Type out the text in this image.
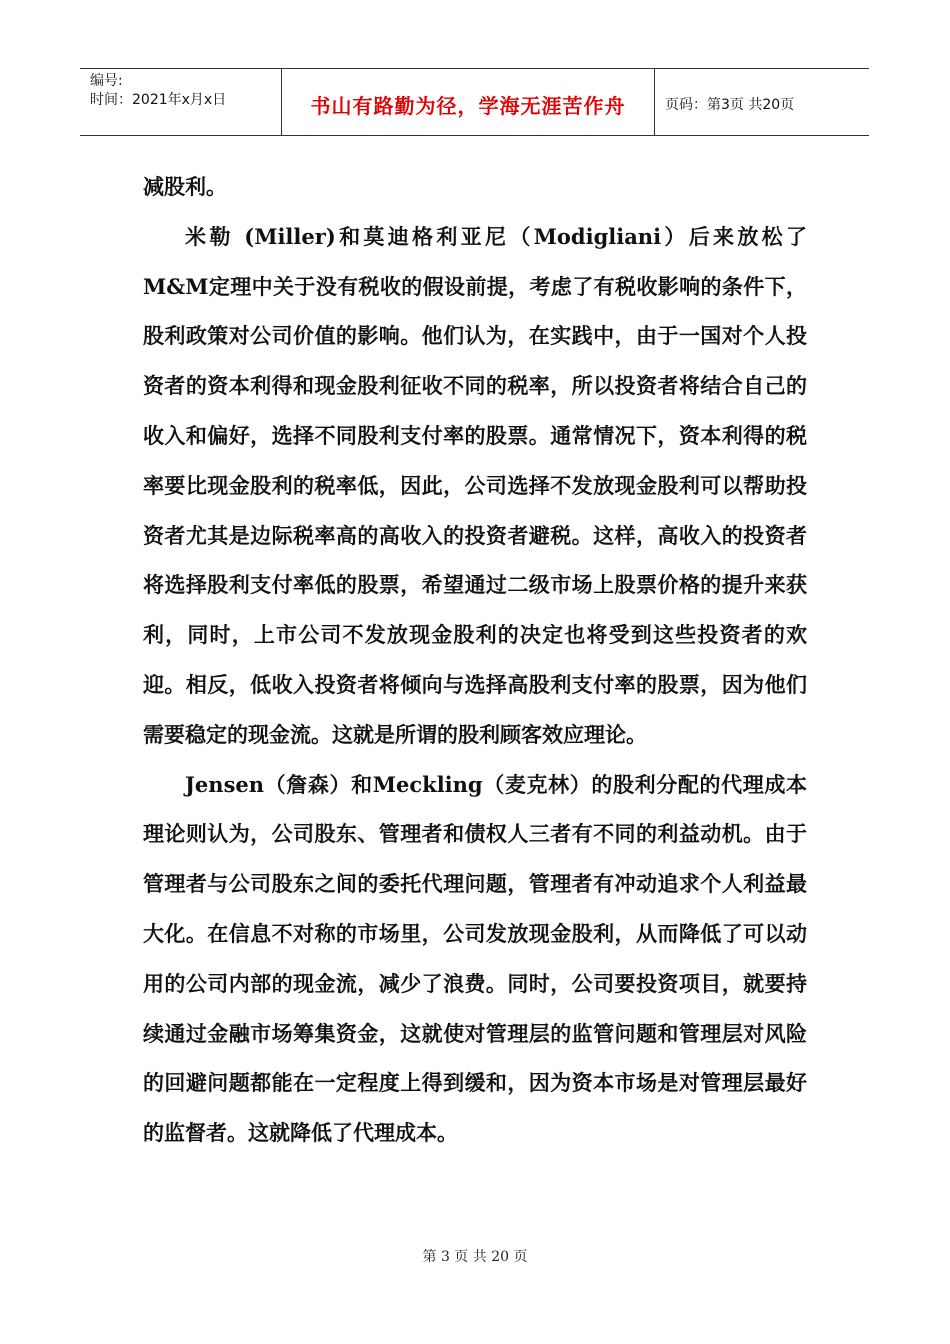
编号:
时间：2021年x月x日	书山有路勤为径，学海无涯苦作舟	页码：第3页 共20页

减股利。

米勒 (Miller)和莫迪格利亚尼（Modigliani）后来放松了M&M定理中关于没有税收的假设前提，考虑了有税收影响的条件下，股利政策对公司价值的影响。他们认为，在实践中，由于一国对个人投资者的资本利得和现金股利征收不同的税率，所以投资者将结合自己的收入和偏好，选择不同股利支付率的股票。通常情况下，资本利得的税率要比现金股利的税率低，因此，公司选择不发放现金股利可以帮助投资者尤其是边际税率高的高收入的投资者避税。这样，高收入的投资者将选择股利支付率低的股票，希望通过二级市场上股票价格的提升来获利，同时，上市公司不发放现金股利的决定也将受到这些投资者的欢迎。相反，低收入投资者将倾向与选择高股利支付率的股票，因为他们需要稳定的现金流。这就是所谓的股利顾客效应理论。

Jensen（詹森）和Meckling（麦克林）的股利分配的代理成本理论则认为，公司股东、管理者和债权人三者有不同的利益动机。由于管理者与公司股东之间的委托代理问题，管理者有冲动追求个人利益最大化。在信息不对称的市场里，公司发放现金股利，从而降低了可以动用的公司内部的现金流，减少了浪费。同时，公司要投资项目，就要持续通过金融市场筹集资金，这就使对管理层的监管问题和管理层对风险的回避问题都能在一定程度上得到缓和，因为资本市场是对管理层最好的监督者。这就降低了代理成本。

第 3 页 共 20 页
